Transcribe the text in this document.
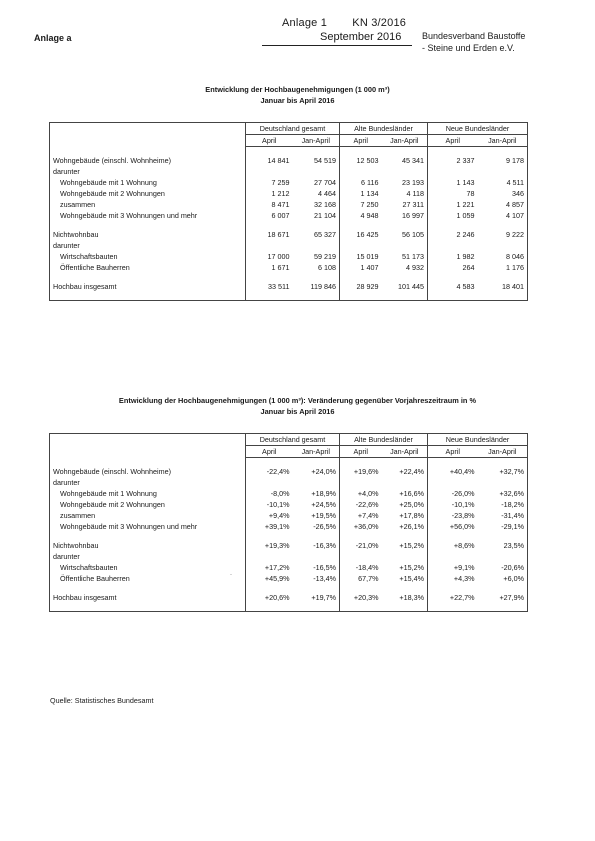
Anlage a
Anlage 1 KN 3/2016
September 2016 Bundesverband Baustoffe
- Steine und Erden e.V.
Entwicklung der Hochbaugenehmigungen (1 000 m³)
Januar bis April 2016
	Deutschland gesamt		Alte Bundesländer		Neue Bundesländer	
	April	Jan-April	April	Jan-April	April	Jan-April

Wohngebäude (einschl. Wohnheime)	14 841	54 519	12 503	45 341	2 337	9 178
darunter						
Wohngebäude mit 1 Wohnung	7 259	27 704	6 116	23 193	1 143	4 511
Wohngebäude mit 2 Wohnungen	1 212	4 464	1 134	4 118	78	346
zusammen	8 471	32 168	7 250	27 311	1 221	4 857
Wohngebäude mit 3 Wohnungen und mehr	6 007	21 104	4 948	16 997	1 059	4 107

Nichtwohnbau	18 671	65 327	16 425	56 105	2 246	9 222
darunter						
Wirtschaftsbauten	17 000	59 219	15 019	51 173	1 982	8 046
Öffentliche Bauherren	1 671	6 108	1 407	4 932	264	1 176

Hochbau insgesamt	33 511	119 846	28 929	101 445	4 583	18 401

Entwicklung der Hochbaugenehmigungen (1 000 m³): Veränderung gegenüber Vorjahreszeitraum in %
Januar bis April 2016
	Deutschland gesamt		Alte Bundesländer		Neue Bundesländer	
	April	Jan-April	April	Jan-April	April	Jan-April

Wohngebäude (einschl. Wohnheime)	-22,4%	+24,0%	+19,6%	+22,4%	+40,4%	+32,7%
darunter						
Wohngebäude mit 1 Wohnung	-8,0%	+18,9%	+4,0%	+16,6%	-26,0%	+32,6%
Wohngebäude mit 2 Wohnungen	-10,1%	+24,5%	-22,6%	+25,0%	-10,1%	-18,2%
zusammen	+9,4%	+19,5%	+7,4%	+17,8%	-23,8%	-31,4%
Wohngebäude mit 3 Wohnungen und mehr	+39,1%	-26,5%	+36,0%	+26,1%	+56,0%	-29,1%

Nichtwohnbau	+19,3%	-16,3%	-21,0%	+15,2%	+8,6%	23,5%
darunter						
Wirtschaftsbauten	+17,2%	-16,5%	-18,4%	+15,2%	+9,1%	-20,6%
Öffentliche Bauherren	+45,9%	-13,4%	67,7%	+15,4%	+4,3%	+6,0%

Hochbau insgesamt	+20,6%	+19,7%	+20,3%	+18,3%	+22,7%	+27,9%

·
Quelle: Statistisches Bundesamt
